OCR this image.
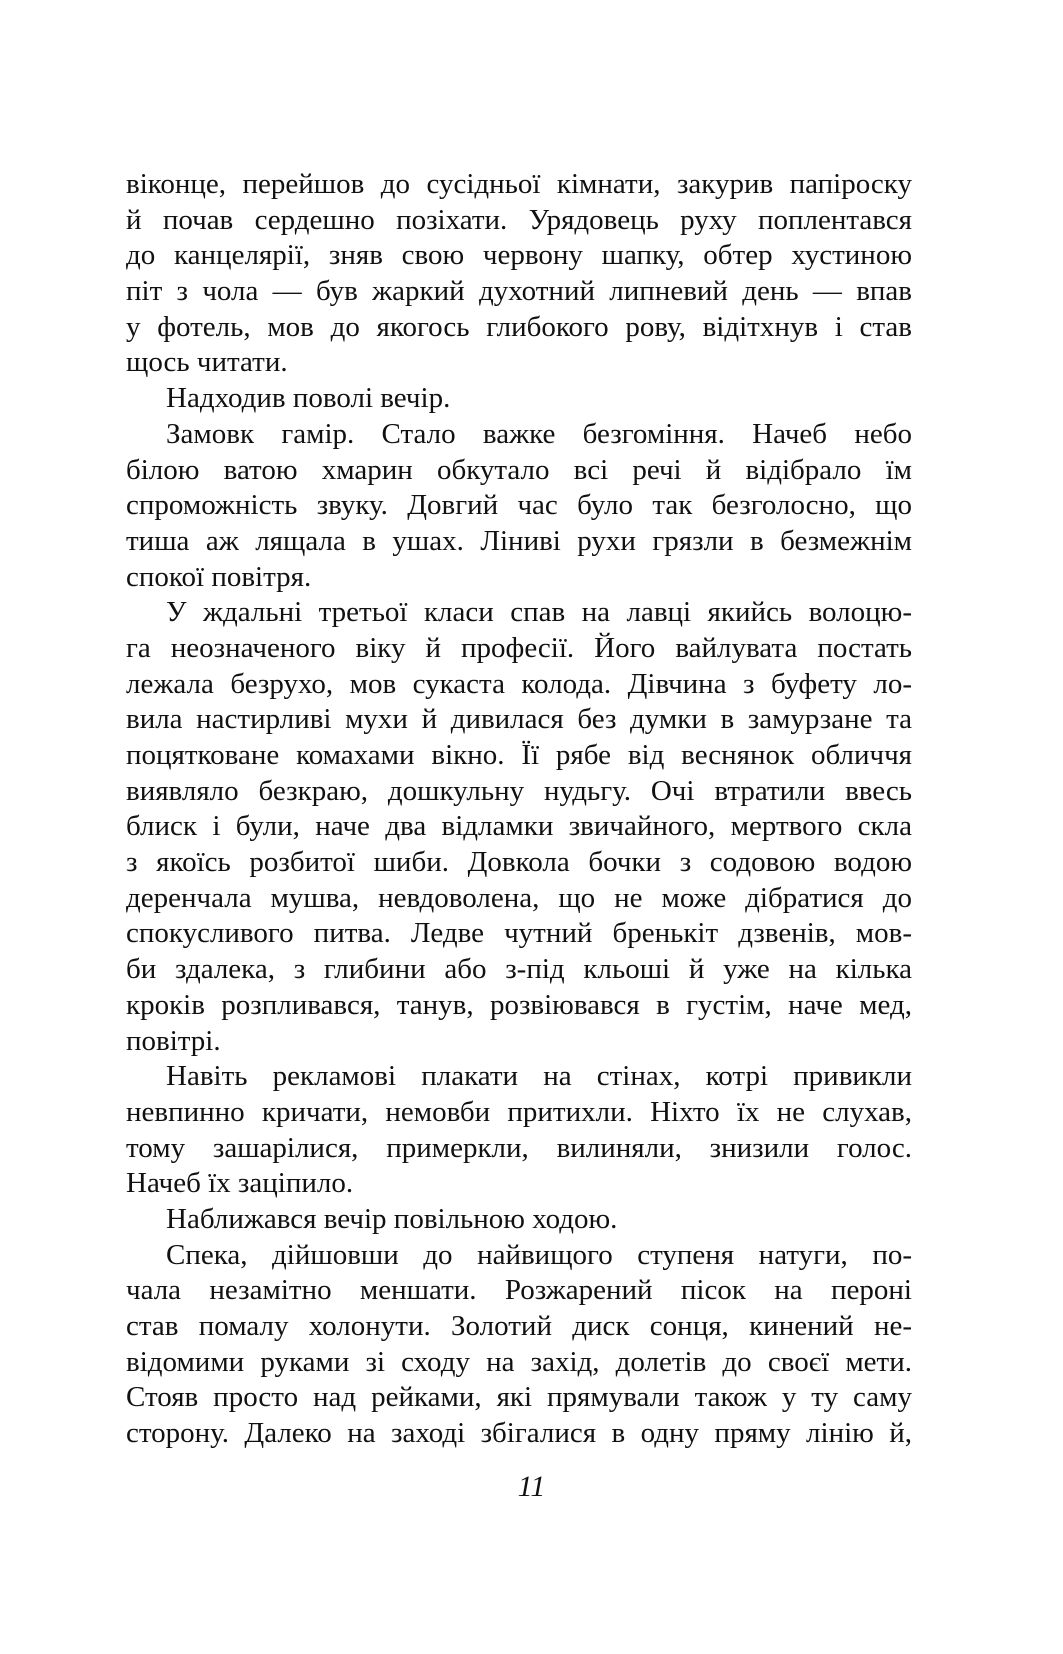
віконце, перейшов до сусідньої кімнати, закурив папіроску
й почав сердешно позіхати. Урядовець руху поплентався
до канцелярії, зняв свою червону шапку, обтер хустиною
піт з чола — був жаркий духотний липневий день — впав
у фотель, мов до якогось глибокого рову, відітхнув і став
щось читати.
Надходив поволі вечір.
Замовк гамір. Стало важке безгоміння. Начеб небо
білою ватою хмарин обкутало всі речі й відібрало їм
спроможність звуку. Довгий час було так безголосно, що
тиша аж лящала в ушах. Ліниві рухи грязли в безмежнім
спокої повітря.
У ждальні третьої класи спав на лавці якийсь волоцю-
га неозначеного віку й професії. Його вайлувата постать
лежала безрухо, мов сукаста колода. Дівчина з буфету ло-
вила настирливі мухи й дивилася без думки в замурзане та
поцятковане комахами вікно. Її рябе від веснянок обличчя
виявляло безкраю, дошкульну нудьгу. Очі втратили ввесь
блиск і були, наче два відламки звичайного, мертвого скла
з якоїсь розбитої шиби. Довкола бочки з содовою водою
деренчала мушва, невдоволена, що не може дібратися до
спокусливого питва. Ледве чутний бренькіт дзвенів, мов-
би здалека, з глибини або з-під кльоші й уже на кілька
кроків розпливався, танув, розвіювався в густім, наче мед,
повітрі.
Навіть рекламові плакати на стінах, котрі привикли
невпинно кричати, немовби притихли. Ніхто їх не слухав,
тому зашарілися, примеркли, вилиняли, знизили голос.
Начеб їх заціпило.
Наближався вечір повільною ходою.
Спека, дійшовши до найвищого ступеня натуги, по-
чала незамітно меншати. Розжарений пісок на пероні
став помалу холонути. Золотий диск сонця, кинений не-
відомими руками зі сходу на захід, долетів до своєї мети.
Стояв просто над рейками, які прямували також у ту саму
сторону. Далеко на заході збігалися в одну пряму лінію й,
11
